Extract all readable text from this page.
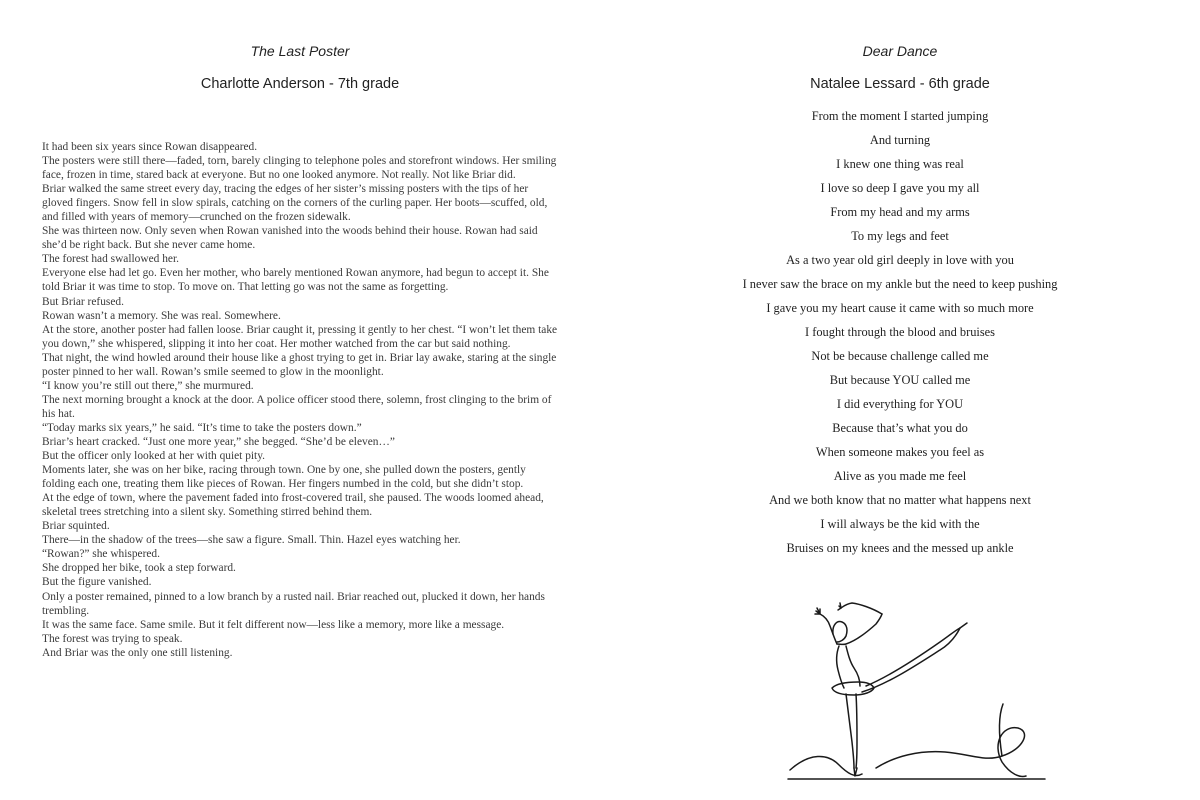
The Last Poster
Charlotte Anderson - 7th grade

It had been six years since Rowan disappeared.

The posters were still there—faded, torn, barely clinging to telephone poles and storefront windows. Her smiling face, frozen in time, stared back at everyone. But no one looked anymore. Not really. Not like Briar did.

Briar walked the same street every day, tracing the edges of her sister’s missing posters with the tips of her gloved fingers. Snow fell in slow spirals, catching on the corners of the curling paper. Her boots—scuffed, old, and filled with years of memory—crunched on the frozen sidewalk.

She was thirteen now. Only seven when Rowan vanished into the woods behind their house. Rowan had said she’d be right back. But she never came home.

The forest had swallowed her.

Everyone else had let go. Even her mother, who barely mentioned Rowan anymore, had begun to accept it. She told Briar it was time to stop. To move on. That letting go was not the same as forgetting.

But Briar refused.

Rowan wasn’t a memory. She was real. Somewhere.

At the store, another poster had fallen loose. Briar caught it, pressing it gently to her chest. “I won’t let them take you down,” she whispered, slipping it into her coat. Her mother watched from the car but said nothing.

That night, the wind howled around their house like a ghost trying to get in. Briar lay awake, staring at the single poster pinned to her wall. Rowan’s smile seemed to glow in the moonlight.

“I know you’re still out there,” she murmured.

The next morning brought a knock at the door. A police officer stood there, solemn, frost clinging to the brim of his hat.

“Today marks six years,” he said. “It’s time to take the posters down.”

Briar’s heart cracked. “Just one more year,” she begged. “She’d be eleven…”

But the officer only looked at her with quiet pity.

Moments later, she was on her bike, racing through town. One by one, she pulled down the posters, gently folding each one, treating them like pieces of Rowan. Her fingers numbed in the cold, but she didn’t stop.

At the edge of town, where the pavement faded into frost-covered trail, she paused. The woods loomed ahead, skeletal trees stretching into a silent sky. Something stirred behind them.

Briar squinted.

There—in the shadow of the trees—she saw a figure. Small. Thin. Hazel eyes watching her.

“Rowan?” she whispered.

She dropped her bike, took a step forward.

But the figure vanished.

Only a poster remained, pinned to a low branch by a rusted nail. Briar reached out, plucked it down, her hands trembling.

It was the same face. Same smile. But it felt different now—less like a memory, more like a message.

The forest was trying to speak.

And Briar was the only one still listening.

Dear Dance
Natalee Lessard - 6th grade
From the moment I started jumping
And turning
I knew one thing was real
I love so deep I gave you my all
From my head and my arms
To my legs and feet
As a two year old girl deeply in love with you
I never saw the brace on my ankle but the need to keep pushing
I gave you my heart cause it came with so much more
I fought through the blood and bruises
Not be because challenge called me
But because YOU called me
I did everything for YOU
Because that’s what you do
When someone makes you feel as
Alive as you made me feel
And we both know that no matter what happens next
I will always be the kid with the
Bruises on my knees and the messed up ankle
